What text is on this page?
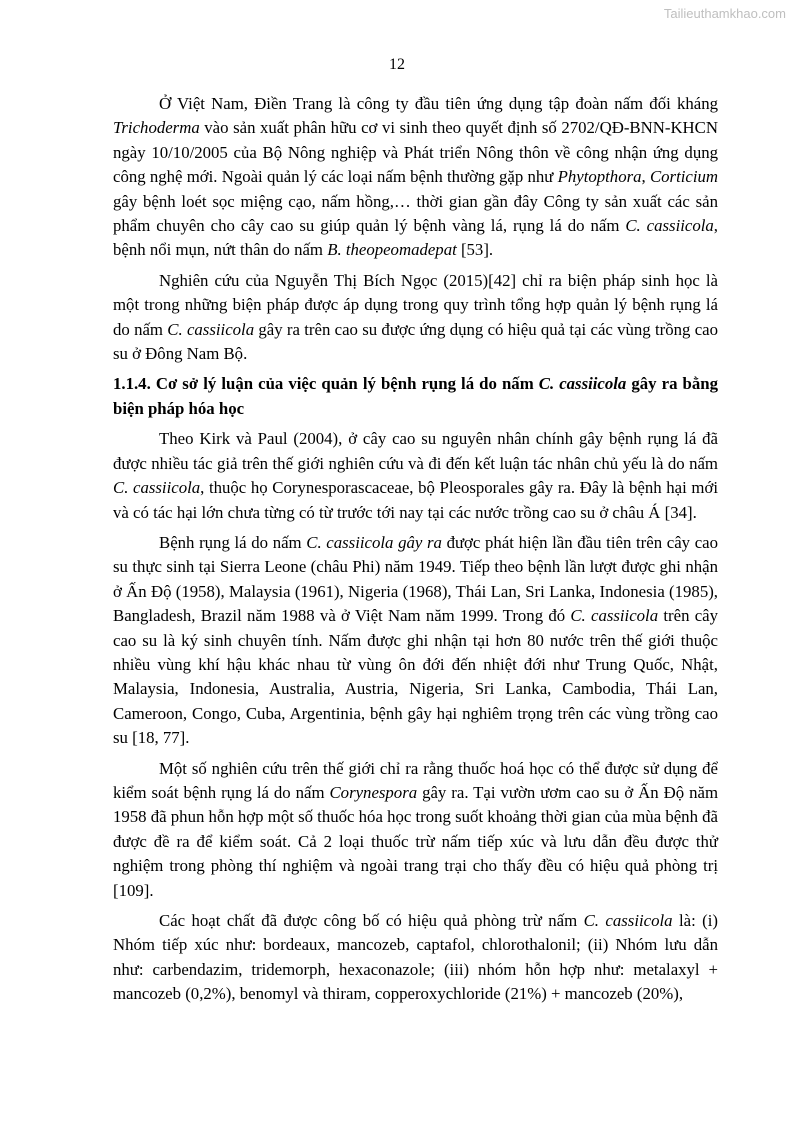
Tailieuthamkhao.com
12

Ở Việt Nam, Điền Trang là công ty đầu tiên ứng dụng tập đoàn nấm đối kháng Trichoderma vào sản xuất phân hữu cơ vi sinh theo quyết định số 2702/QĐ-BNN-KHCN ngày 10/10/2005 của Bộ Nông nghiệp và Phát triển Nông thôn về công nhận ứng dụng công nghệ mới. Ngoài quản lý các loại nấm bệnh thường gặp như Phytopthora, Corticium gây bệnh loét sọc miệng cạo, nấm hồng,… thời gian gần đây Công ty sản xuất các sản phẩm chuyên cho cây cao su giúp quản lý bệnh vàng lá, rụng lá do nấm C. cassiicola, bệnh nổi mụn, nứt thân do nấm B. theopeomadepat [53].

Nghiên cứu của Nguyễn Thị Bích Ngọc (2015)[42] chỉ ra biện pháp sinh học là một trong những biện pháp được áp dụng trong quy trình tổng hợp quản lý bệnh rụng lá do nấm C. cassiicola gây ra trên cao su được ứng dụng có hiệu quả tại các vùng trồng cao su ở Đông Nam Bộ.

1.1.4. Cơ sở lý luận của việc quản lý bệnh rụng lá do nấm C. cassiicola gây ra bằng biện pháp hóa học

Theo Kirk và Paul (2004), ở cây cao su nguyên nhân chính gây bệnh rụng lá đã được nhiều tác giả trên thế giới nghiên cứu và đi đến kết luận tác nhân chủ yếu là do nấm C. cassiicola, thuộc họ Corynesporascaceae, bộ Pleosporales gây ra. Đây là bệnh hại mới và có tác hại lớn chưa từng có từ trước tới nay tại các nước trồng cao su ở châu Á [34].

Bệnh rụng lá do nấm C. cassiicola gây ra được phát hiện lần đầu tiên trên cây cao su thực sinh tại Sierra Leone (châu Phi) năm 1949. Tiếp theo bệnh lần lượt được ghi nhận ở Ấn Độ (1958), Malaysia (1961), Nigeria (1968), Thái Lan, Sri Lanka, Indonesia (1985), Bangladesh, Brazil năm 1988 và ở Việt Nam năm 1999. Trong đó C. cassiicola trên cây cao su là ký sinh chuyên tính. Nấm được ghi nhận tại hơn 80 nước trên thế giới thuộc nhiều vùng khí hậu khác nhau từ vùng ôn đới đến nhiệt đới như Trung Quốc, Nhật, Malaysia, Indonesia, Australia, Austria, Nigeria, Sri Lanka, Cambodia, Thái Lan, Cameroon, Congo, Cuba, Argentinia, bệnh gây hại nghiêm trọng trên các vùng trồng cao su [18, 77].

Một số nghiên cứu trên thế giới chỉ ra rằng thuốc hoá học có thể được sử dụng để kiểm soát bệnh rụng lá do nấm Corynespora gây ra. Tại vườn ươm cao su ở Ấn Độ năm 1958 đã phun hỗn hợp một số thuốc hóa học trong suốt khoảng thời gian của mùa bệnh đã được đề ra để kiểm soát. Cả 2 loại thuốc trừ nấm tiếp xúc và lưu dẫn đều được thử nghiệm trong phòng thí nghiệm và ngoài trang trại cho thấy đều có hiệu quả phòng trị [109].

Các hoạt chất đã được công bố có hiệu quả phòng trừ nấm C. cassiicola là: (i) Nhóm tiếp xúc như: bordeaux, mancozeb, captafol, chlorothalonil; (ii) Nhóm lưu dẫn như: carbendazim, tridemorph, hexaconazole; (iii) nhóm hỗn hợp như: metalaxyl + mancozeb (0,2%), benomyl và thiram, copperoxychloride (21%) + mancozeb (20%),
